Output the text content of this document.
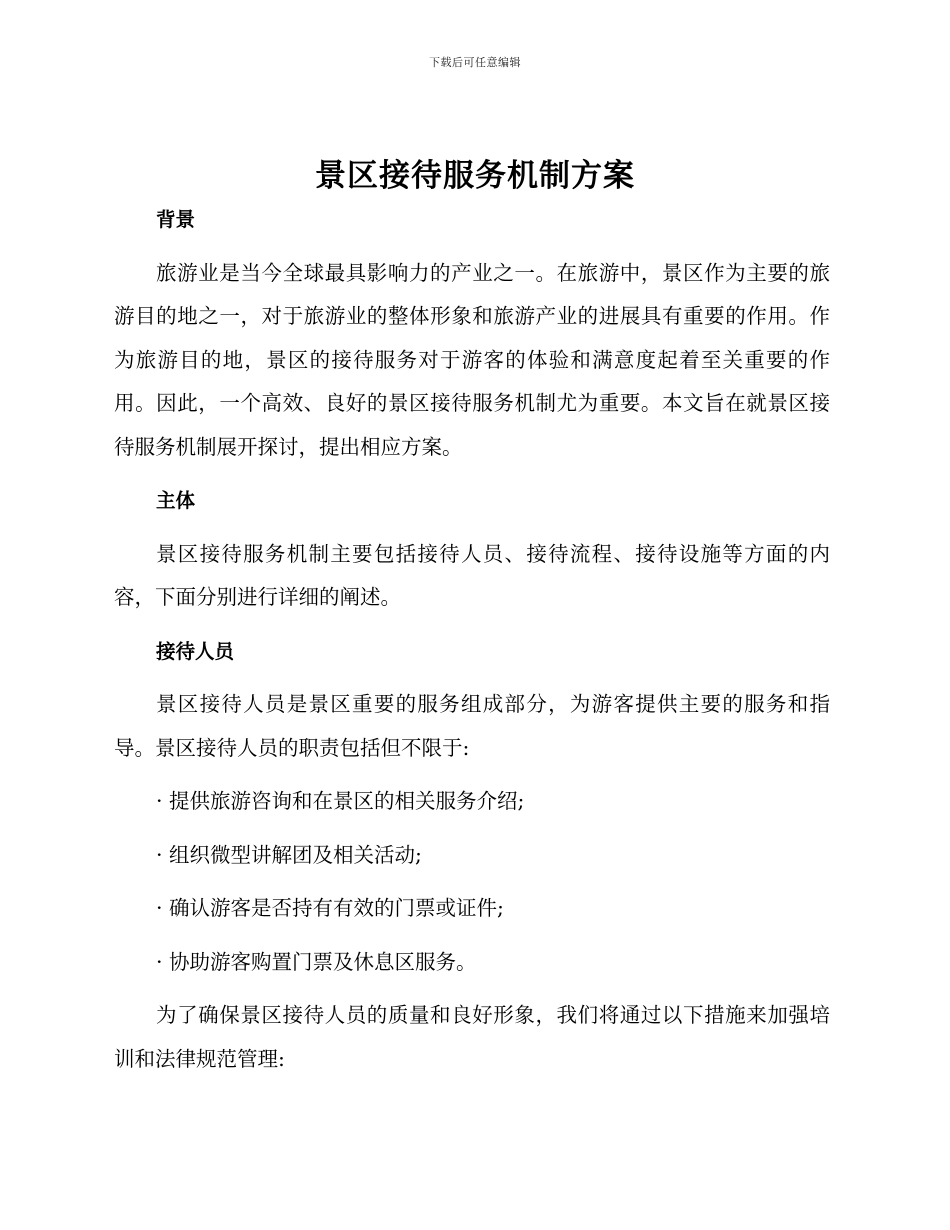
下载后可任意编辑
景区接待服务机制方案
背景

旅游业是当今全球最具影响力的产业之一。在旅游中，景区作为主要的旅游目的地之一，对于旅游业的整体形象和旅游产业的进展具有重要的作用。作为旅游目的地，景区的接待服务对于游客的体验和满意度起着至关重要的作用。因此，一个高效、良好的景区接待服务机制尤为重要。本文旨在就景区接待服务机制展开探讨，提出相应方案。

主体

景区接待服务机制主要包括接待人员、接待流程、接待设施等方面的内容，下面分别进行详细的阐述。

接待人员

景区接待人员是景区重要的服务组成部分，为游客提供主要的服务和指导。景区接待人员的职责包括但不限于:

· 提供旅游咨询和在景区的相关服务介绍;
· 组织微型讲解团及相关活动;
· 确认游客是否持有有效的门票或证件;
· 协助游客购置门票及休息区服务。

为了确保景区接待人员的质量和良好形象，我们将通过以下措施来加强培训和法律规范管理:
